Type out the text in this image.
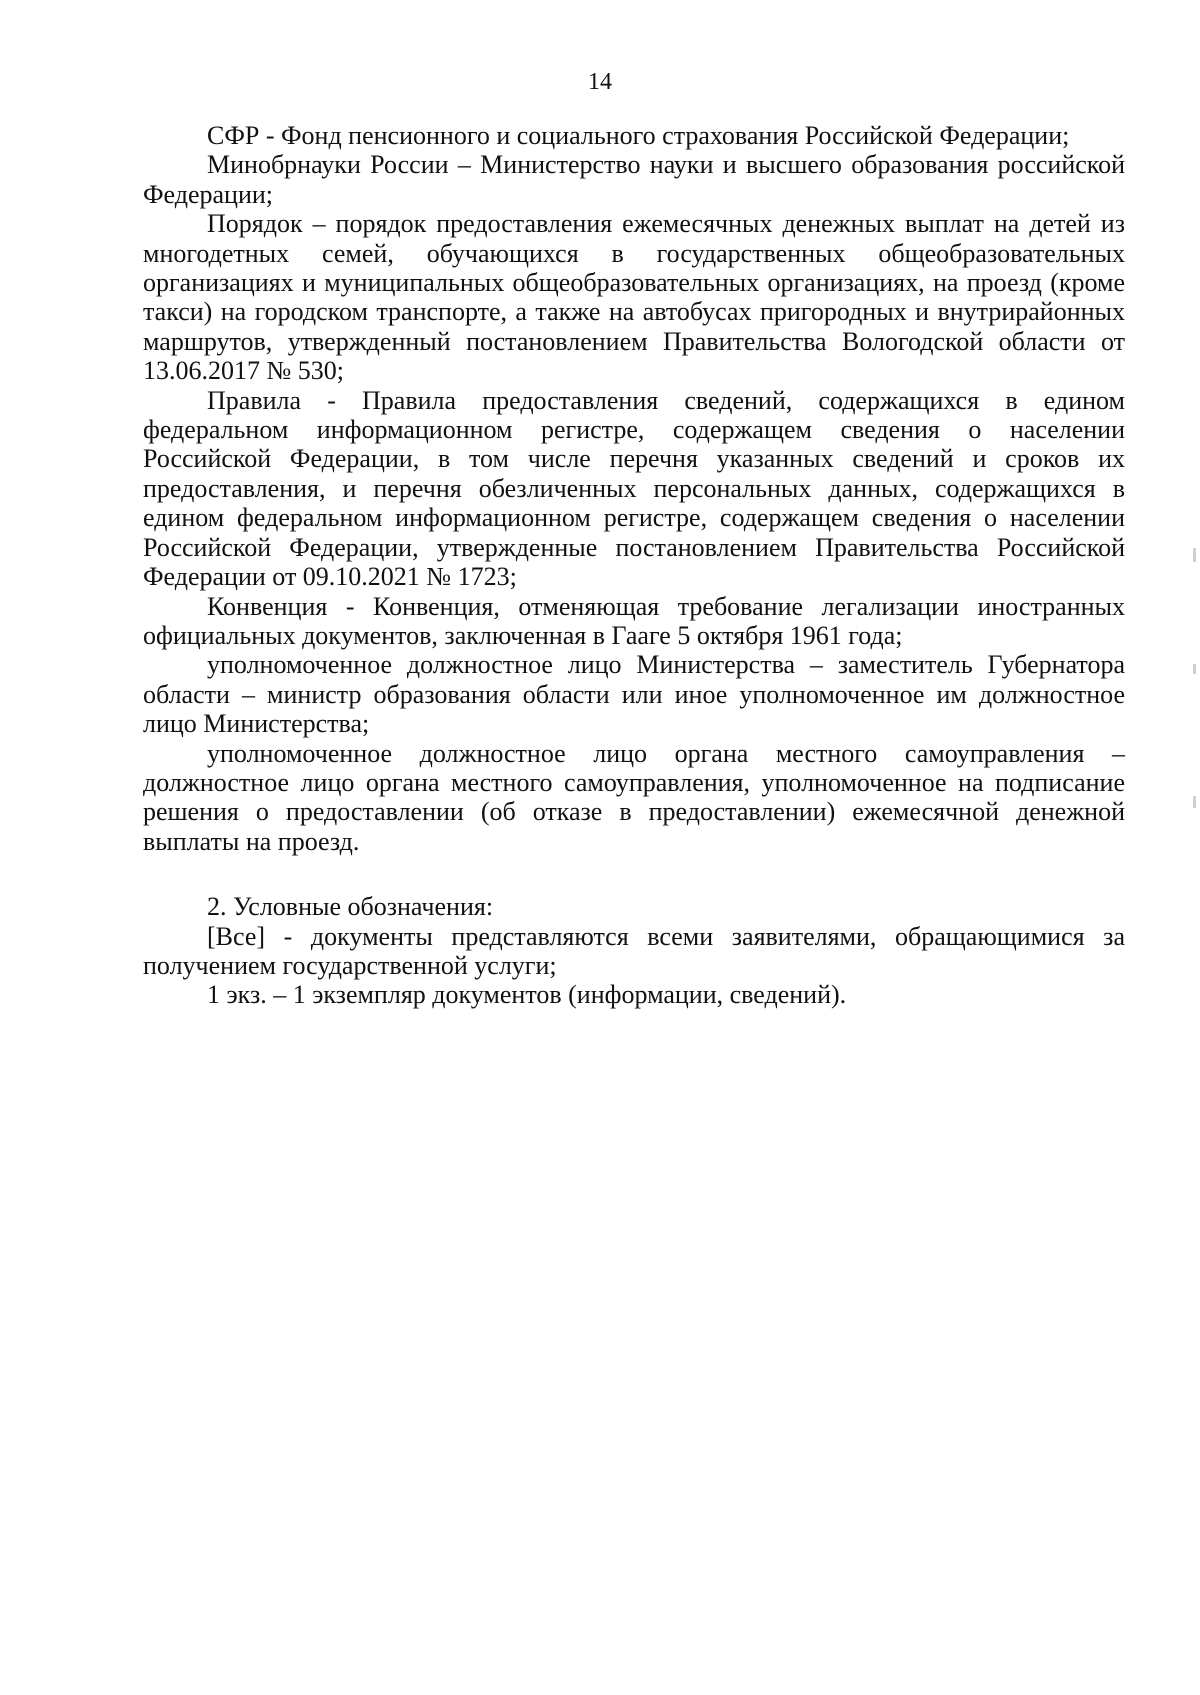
14

СФР - Фонд пенсионного и социального страхования Российской Федерации;

Минобрнауки России – Министерство науки и высшего образования российской Федерации;

Порядок – порядок предоставления ежемесячных денежных выплат на детей из многодетных семей, обучающихся в государственных общеобразовательных организациях и муниципальных общеобразовательных организациях, на проезд (кроме такси) на городском транспорте, а также на автобусах пригородных и внутрирайонных маршрутов, утвержденный постановлением Правительства Вологодской области от 13.06.2017 № 530;

Правила - Правила предоставления сведений, содержащихся в едином федеральном информационном регистре, содержащем сведения о населении Российской Федерации, в том числе перечня указанных сведений и сроков их предоставления, и перечня обезличенных персональных данных, содержащихся в едином федеральном информационном регистре, содержащем сведения о населении Российской Федерации, утвержденные постановлением Правительства Российской Федерации от 09.10.2021 № 1723;

Конвенция - Конвенция, отменяющая требование легализации иностранных официальных документов, заключенная в Гааге 5 октября 1961 года;

уполномоченное должностное лицо Министерства – заместитель Губернатора области – министр образования области или иное уполномоченное им должностное лицо Министерства;

уполномоченное должностное лицо органа местного самоуправления – должностное лицо органа местного самоуправления, уполномоченное на подписание решения о предоставлении (об отказе в предоставлении) ежемесячной денежной выплаты на проезд.

2. Условные обозначения:

[Все] - документы представляются всеми заявителями, обращающимися за получением государственной услуги;

1 экз. – 1 экземпляр документов (информации, сведений).
